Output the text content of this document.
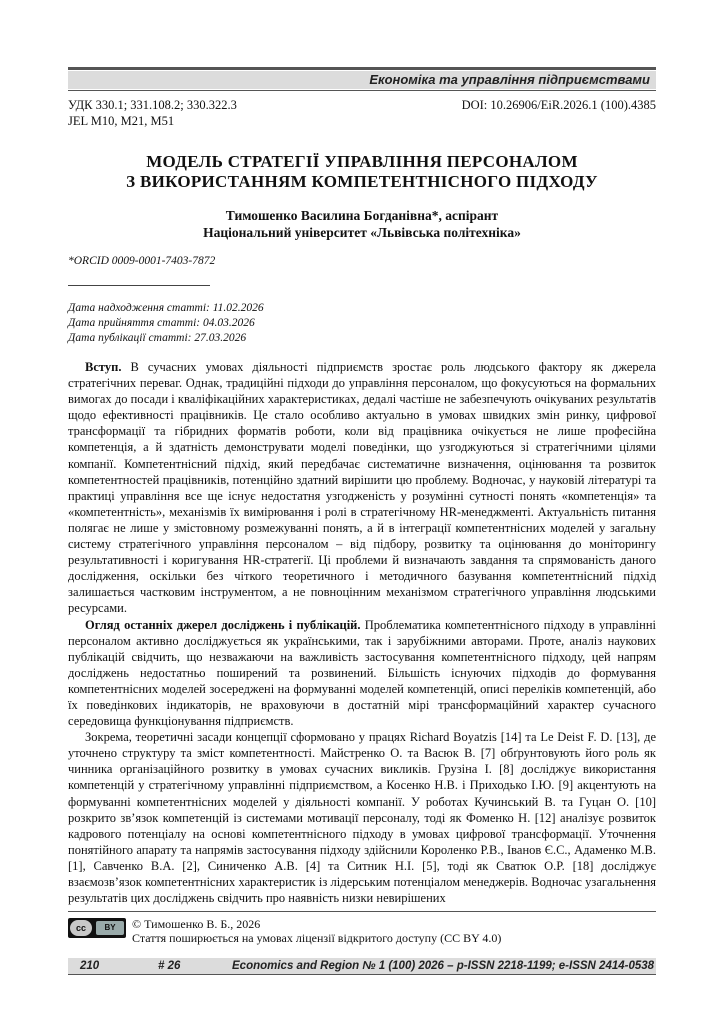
Економіка та управління підприємствами
УДК 330.1; 331.108.2; 330.322.3
JEL M10, M21, M51
DOI: 10.26906/EiR.2026.1 (100).4385
МОДЕЛЬ СТРАТЕГІЇ УПРАВЛІННЯ ПЕРСОНАЛОМ
З ВИКОРИСТАННЯМ КОМПЕТЕНТНІСНОГО ПІДХОДУ
Тимошенко Василина Богданівна*, аспірант
Національний університет «Львівська політехніка»
*ORCID 0009-0001-7403-7872
Дата надходження статті: 11.02.2026
Дата прийняття статті: 04.03.2026
Дата публікації статті: 27.03.2026

Вступ. В сучасних умовах діяльності підприємств зростає роль людського фактору як джерела стратегічних переваг. Однак, традиційні підходи до управління персоналом, що фокусуються на формальних вимогах до посади і кваліфікаційних характеристиках, дедалі частіше не забезпечують очікуваних результатів щодо ефективності працівників. Це стало особливо актуально в умовах швидких змін ринку, цифрової трансформації та гібридних форматів роботи, коли від працівника очікується не лише професійна компетенція, а й здатність демонструвати моделі поведінки, що узгоджуються зі стратегічними цілями компанії. Компетентнісний підхід, який передбачає систематичне визначення, оцінювання та розвиток компетентностей працівників, потенційно здатний вирішити цю проблему. Водночас, у науковій літературі та практиці управління все ще існує недостатня узгодженість у розумінні сутності понять «компетенція» та «компетентність», механізмів їх вимірювання і ролі в стратегічному HR-менеджменті. Актуальність питання полягає не лише у змістовному розмежуванні понять, а й в інтеграції компетентнісних моделей у загальну систему стратегічного управління персоналом – від підбору, розвитку та оцінювання до моніторингу результативності і коригування HR-стратегії. Ці проблеми й визначають завдання та спрямованість даного дослідження, оскільки без чіткого теоретичного і методичного базування компетентнісний підхід залишається частковим інструментом, а не повноцінним механізмом стратегічного управління людськими ресурсами.

Огляд останніх джерел досліджень і публікацій. Проблематика компетентнісного підходу в управлінні персоналом активно досліджується як українськими, так і зарубіжними авторами. Проте, аналіз наукових публікацій свідчить, що незважаючи на важливість застосування компетентнісного підходу, цей напрям досліджень недостатньо поширений та розвинений. Більшість існуючих підходів до формування компетентнісних моделей зосереджені на формуванні моделей компетенцій, описі переліків компетенцій, або їх поведінкових індикаторів, не враховуючи в достатній мірі трансформаційний характер сучасного середовища функціонування підприємств.

Зокрема, теоретичні засади концепції сформовано у працях Richard Boyatzis [14] та Le Deist F. D. [13], де уточнено структуру та зміст компетентності. Майстренко О. та Васюк В. [7] обґрунтовують його роль як чинника організаційного розвитку в умовах сучасних викликів. Грузіна І. [8] досліджує використання компетенцій у стратегічному управлінні підприємством, а Косенко Н.В. і Приходько І.Ю. [9] акцентують на формуванні компетентнісних моделей у діяльності компанії. У роботах Кучинський В. та Гуцан О. [10] розкрито зв’язок компетенцій із системами мотивації персоналу, тоді як Фоменко Н. [12] аналізує розвиток кадрового потенціалу на основі компетентнісного підходу в умовах цифрової трансформації. Уточнення понятійного апарату та напрямів застосування підходу здійснили Короленко Р.В., Іванов Є.С., Адаменко М.В. [1], Савченко В.А. [2], Синиченко А.В. [4] та Ситник Н.І. [5], тоді як Сватюк О.Р. [18] досліджує взаємозв’язок компетентнісних характеристик із лідерським потенціалом менеджерів. Водночас узагальнення результатів цих досліджень свідчить про наявність низки невирішених

cc	BY	© Тимошенко В. Б., 2026
Стаття поширюється на умовах ліцензії відкритого доступу (CC BY 4.0)
210	# 26	Economics and Region № 1 (100) 2026 – p-ISSN 2218-1199; e-ISSN 2414-0538
